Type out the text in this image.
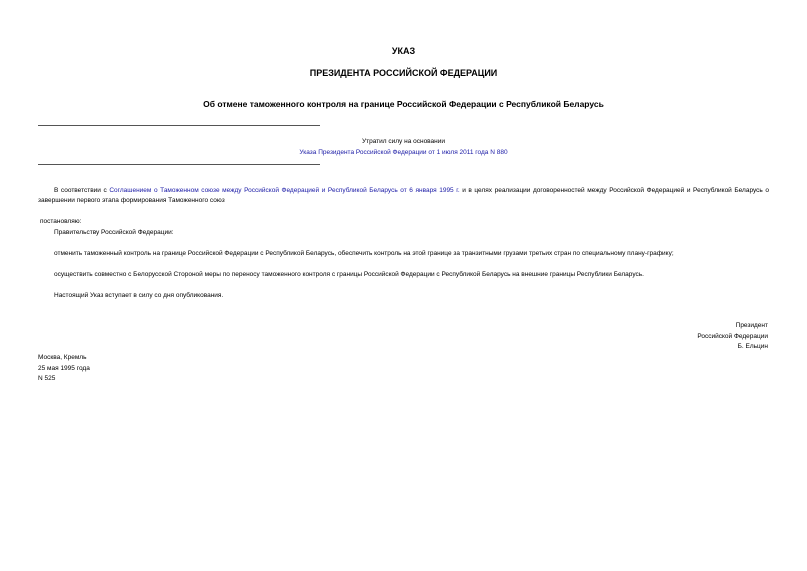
УКАЗ
ПРЕЗИДЕНТА РОССИЙСКОЙ ФЕДЕРАЦИИ
Об отмене таможенного контроля на границе Российской Федерации с Республикой Беларусь
Утратил силу на основании
Указа Президента Российской Федерации от 1 июля 2011 года N 880
В соответствии с Соглашением о Таможенном союзе между Российской Федерацией и Республикой Беларусь от 6 января 1995 г. и в целях реализации договоренностей между Российской Федерацией и Республикой Беларусь о завершении первого этапа формирования Таможенного союз
постановляю:
Правительству Российской Федерации:
отменить таможенный контроль на границе Российской Федерации с Республикой Беларусь, обеспечить контроль на этой границе за транзитными грузами третьих стран по специальному плану-графику;
осуществить совместно с Белорусской Стороной меры по переносу таможенного контроля с границы Российской Федерации с Республикой Беларусь на внешние границы Республики Беларусь.
Настоящий Указ вступает в силу со дня опубликования.
Президент
Российской Федерации
Б. Ельцин
Москва, Кремль
25 мая 1995 года
N 525
